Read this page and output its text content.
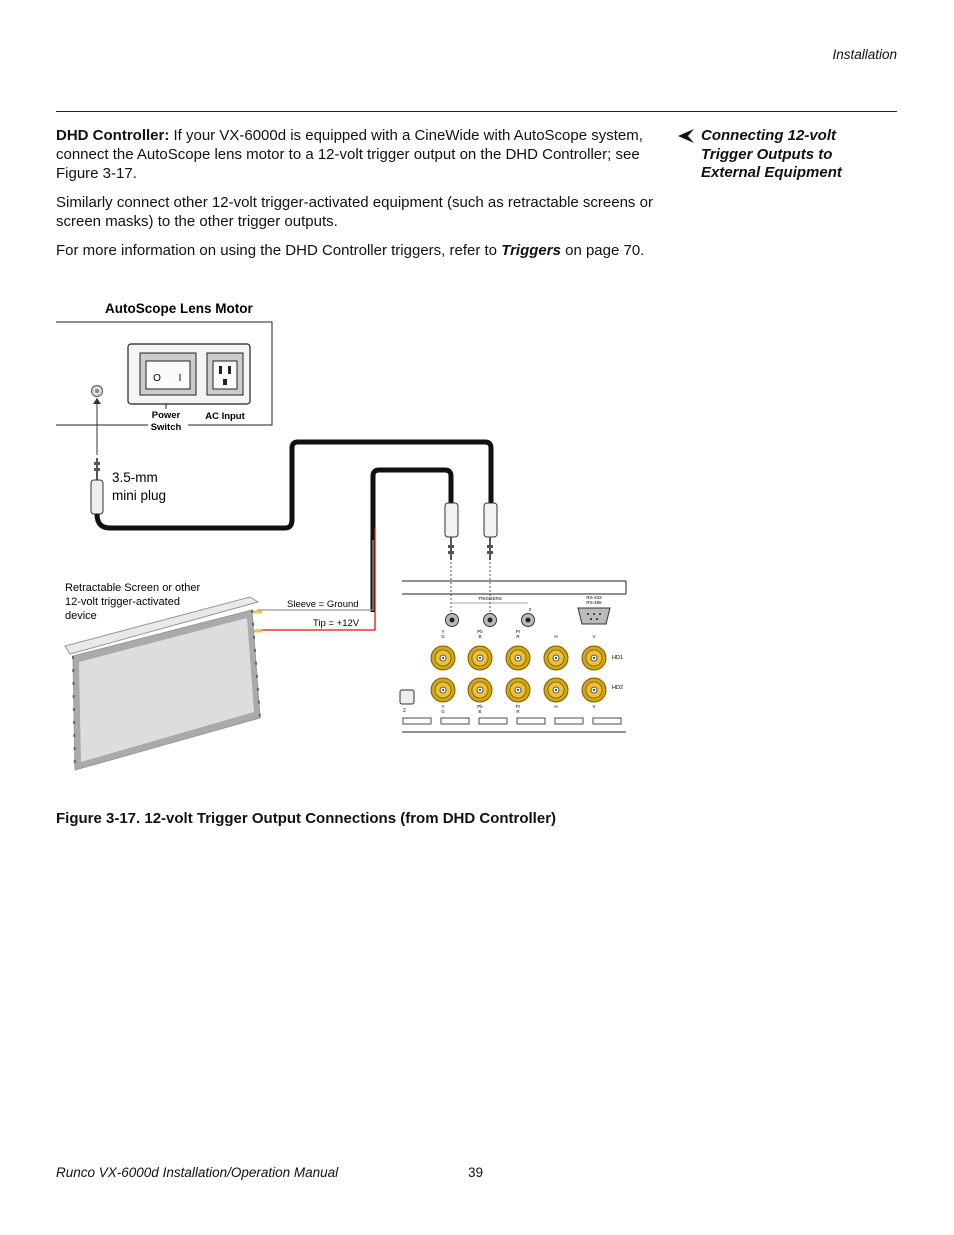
Installation

DHD Controller: If your VX-6000d is equipped with a CineWide with AutoScope system, connect the AutoScope lens motor to a 12-volt trigger output on the DHD Controller; see Figure 3-17.

Similarly connect other 12-volt trigger-activated equipment (such as retractable screens or screen masks) to the other trigger outputs.

For more information on using the DHD Controller triggers, refer to Triggers on page 70.

Connecting 12-volt Trigger Outputs to External Equipment
AutoScope Lens Motor
O I
Power
Switch
AC Input
3.5-mm
mini plug
Sleeve = Ground
Tip = +12V
Retractable Screen or other
12-volt trigger-activated
device
TRIGGERS
3
RS-232
RS-485
Y
G
Pb
B
Pr
R	H	V
Y
G
Pb
B
Pr
R
H	V
HD1
HD2
2
Figure 3-17. 12-volt Trigger Output Connections (from DHD Controller)
Runco VX-6000d Installation/Operation Manual	39
